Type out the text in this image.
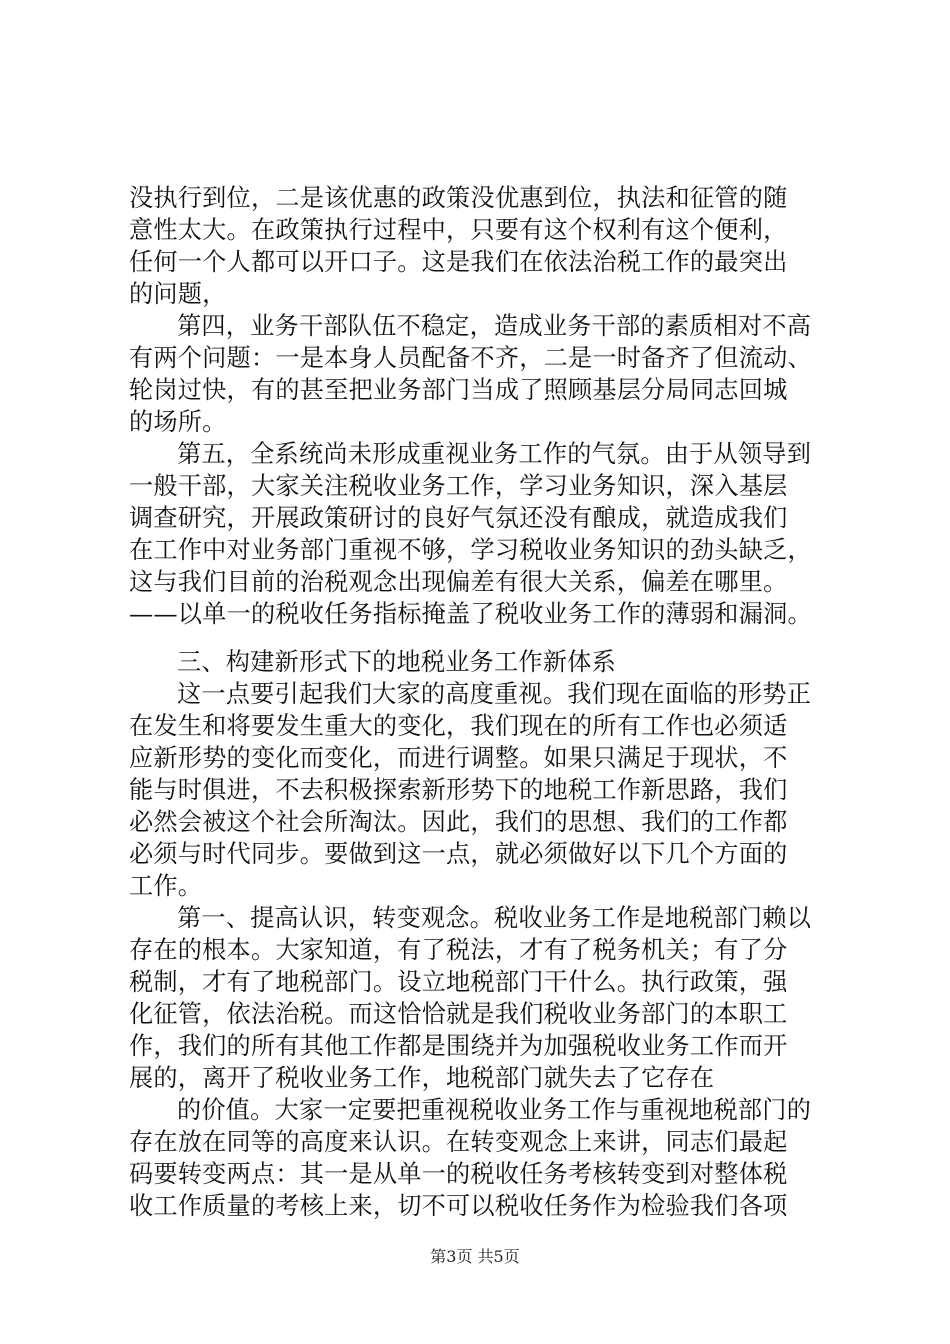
没执行到位，二是该优惠的政策没优惠到位，执法和征管的随
意性太大。在政策执行过程中，只要有这个权利有这个便利，
任何一个人都可以开口子。这是我们在依法治税工作的最突出
的问题，
第四，业务干部队伍不稳定，造成业务干部的素质相对不高
有两个问题：一是本身人员配备不齐，二是一时备齐了但流动、
轮岗过快，有的甚至把业务部门当成了照顾基层分局同志回城
的场所。
第五，全系统尚未形成重视业务工作的气氛。由于从领导到
一般干部，大家关注税收业务工作，学习业务知识，深入基层
调查研究，开展政策研讨的良好气氛还没有酿成，就造成我们
在工作中对业务部门重视不够，学习税收业务知识的劲头缺乏，
这与我们目前的治税观念出现偏差有很大关系，偏差在哪里。
——以单一的税收任务指标掩盖了税收业务工作的薄弱和漏洞。
三、构建新形式下的地税业务工作新体系
这一点要引起我们大家的高度重视。我们现在面临的形势正
在发生和将要发生重大的变化，我们现在的所有工作也必须适
应新形势的变化而变化，而进行调整。如果只满足于现状，不
能与时俱进，不去积极探索新形势下的地税工作新思路，我们
必然会被这个社会所淘汰。因此，我们的思想、我们的工作都
必须与时代同步。要做到这一点，就必须做好以下几个方面的
工作。
第一、提高认识，转变观念。税收业务工作是地税部门赖以
存在的根本。大家知道，有了税法，才有了税务机关；有了分
税制，才有了地税部门。设立地税部门干什么。执行政策，强
化征管，依法治税。而这恰恰就是我们税收业务部门的本职工
作，我们的所有其他工作都是围绕并为加强税收业务工作而开
展的，离开了税收业务工作，地税部门就失去了它存在
的价值。大家一定要把重视税收业务工作与重视地税部门的
存在放在同等的高度来认识。在转变观念上来讲，同志们最起
码要转变两点：其一是从单一的税收任务考核转变到对整体税
收工作质量的考核上来，切不可以税收任务作为检验我们各项
第3页 共5页
